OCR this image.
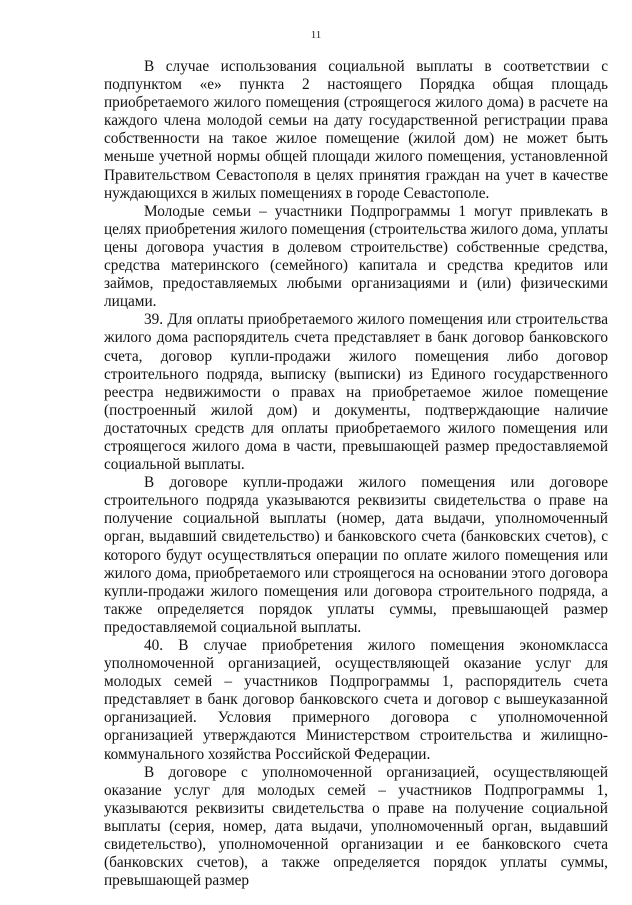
11

В случае использования социальной выплаты в соответствии с подпунктом «е» пункта 2 настоящего Порядка общая площадь приобретаемого жилого помещения (строящегося жилого дома) в расчете на каждого члена молодой семьи на дату государственной регистрации права собственности на такое жилое помещение (жилой дом) не может быть меньше учетной нормы общей площади жилого помещения, установленной Правительством Севастополя в целях принятия граждан на учет в качестве нуждающихся в жилых помещениях в городе Севастополе.

Молодые семьи – участники Подпрограммы 1 могут привлекать в целях приобретения жилого помещения (строительства жилого дома, уплаты цены договора участия в долевом строительстве) собственные средства, средства материнского (семейного) капитала и средства кредитов или займов, предоставляемых любыми организациями и (или) физическими лицами.

39. Для оплаты приобретаемого жилого помещения или строительства жилого дома распорядитель счета представляет в банк договор банковского счета, договор купли-продажи жилого помещения либо договор строительного подряда, выписку (выписки) из Единого государственного реестра недвижимости о правах на приобретаемое жилое помещение (построенный жилой дом) и документы, подтверждающие наличие достаточных средств для оплаты приобретаемого жилого помещения или строящегося жилого дома в части, превышающей размер предоставляемой социальной выплаты.

В договоре купли-продажи жилого помещения или договоре строительного подряда указываются реквизиты свидетельства о праве на получение социальной выплаты (номер, дата выдачи, уполномоченный орган, выдавший свидетельство) и банковского счета (банковских счетов), с которого будут осуществляться операции по оплате жилого помещения или жилого дома, приобретаемого или строящегося на основании этого договора купли-продажи жилого помещения или договора строительного подряда, а также определяется порядок уплаты суммы, превышающей размер предоставляемой социальной выплаты.

40. В случае приобретения жилого помещения экономкласса уполномоченной организацией, осуществляющей оказание услуг для молодых семей – участников Подпрограммы 1, распорядитель счета представляет в банк договор банковского счета и договор с вышеуказанной организацией. Условия примерного договора с уполномоченной организацией утверждаются Министерством строительства и жилищно-коммунального хозяйства Российской Федерации.

В договоре с уполномоченной организацией, осуществляющей оказание услуг для молодых семей – участников Подпрограммы 1, указываются реквизиты свидетельства о праве на получение социальной выплаты (серия, номер, дата выдачи, уполномоченный орган, выдавший свидетельство), уполномоченной организации и ее банковского счета (банковских счетов), а также определяется порядок уплаты суммы, превышающей размер
